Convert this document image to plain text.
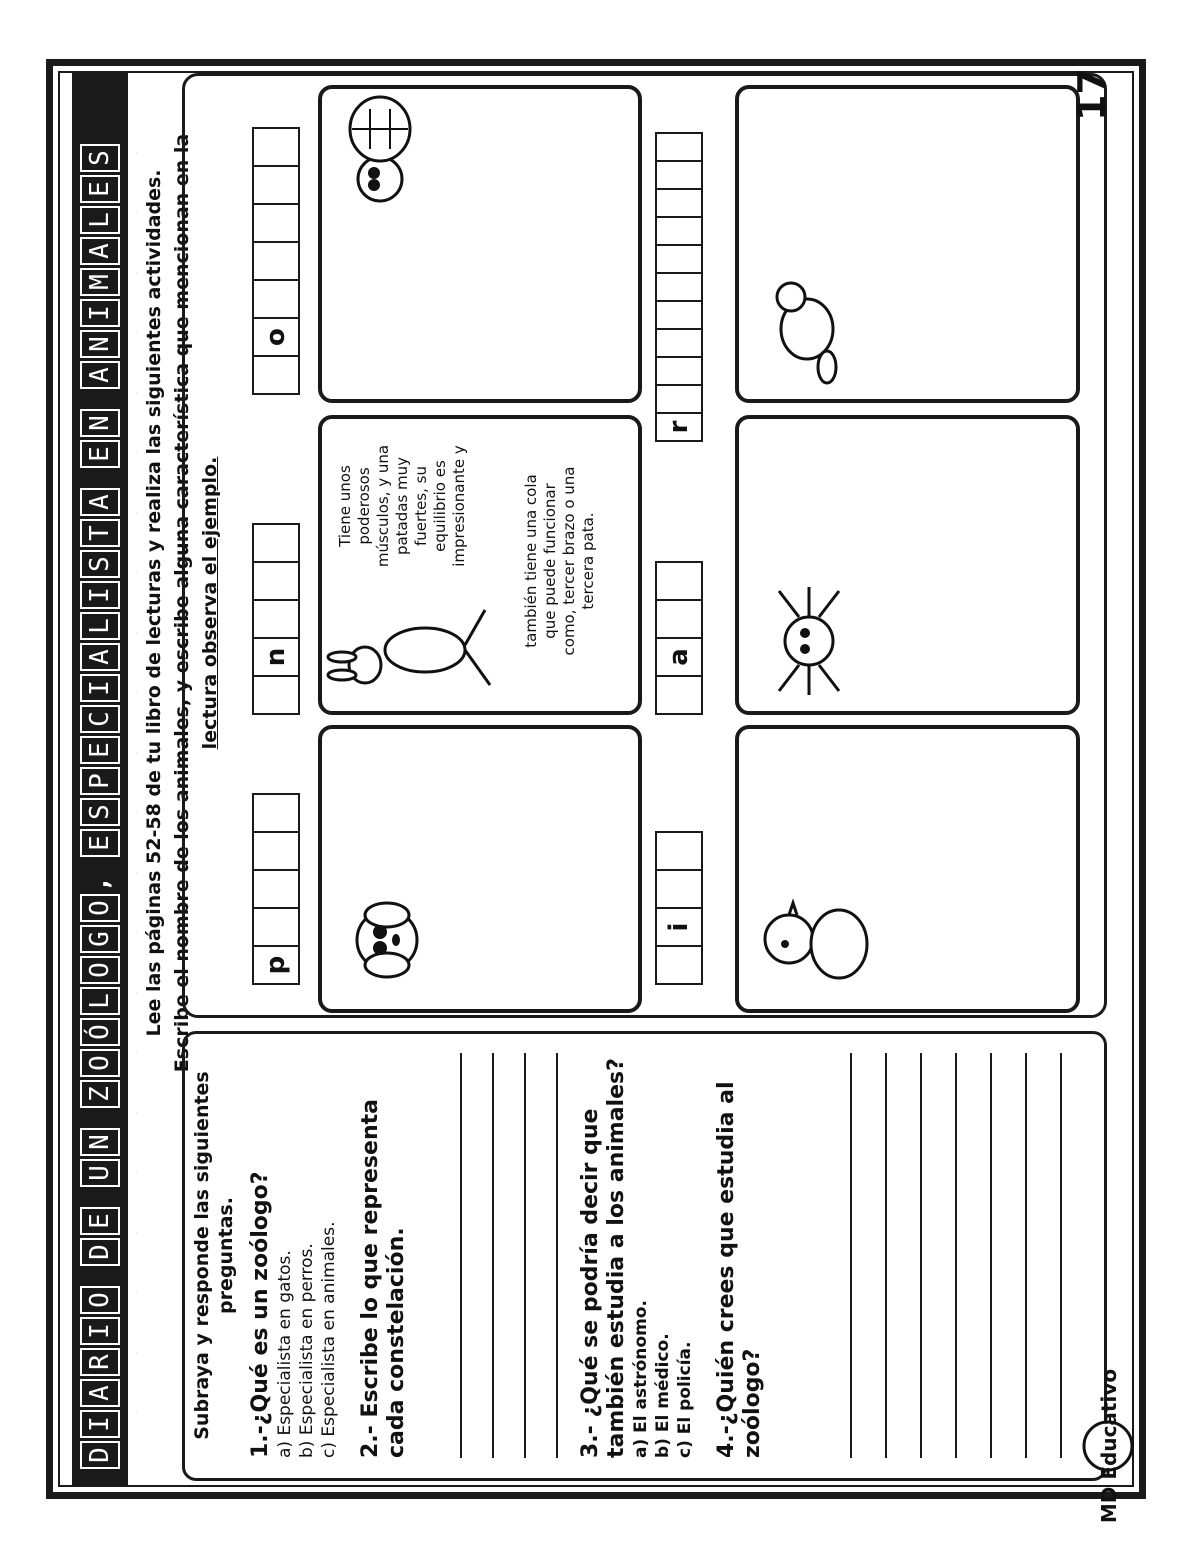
D
I
A
R
I
O
D
E
U
N
Z
O
Ó
L
O
G
O
,
E
S
P
E
C
I
A
L
I
S
T
A
E
N
A
N
I
M
A
L
E
S
Lee las páginas 52-58 de tu libro de lecturas y realiza las siguientes actividades. Escribe el nombre de los animales, y escribe alguna característica que mencionan en la lectura observa el ejemplo.
Subraya y responde las siguientes preguntas. 1.-¿Qué es un zoólogo? a) Especialista en gatos. b) Especialista en perros. c) Especialista en animales. 2.- Escribe lo que representa cada constelación.	3.- ¿Qué se podría decir que también estudia a los animales? a) El astrónomo. b) El médico. c) El policía. 4.-¿Quién crees que estudia al zoólogo?
p
n
o
Tiene unos poderosos músculos, y una patadas muy fuertes, su equilibrio es impresionante y	también tiene una cola que puede funcionar como, tercer brazo o una tercera pata.
i
a
r
MD Educativo
17
